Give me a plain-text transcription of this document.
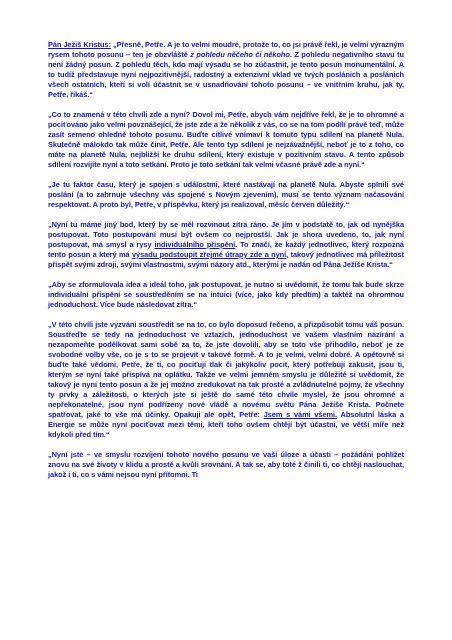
Pán Ježiš Kristus: „Přesně, Petře. A je to velmi moudré, protože to, co jsi právě řekl, je velmi výrazným rysem tohoto posunu – ten je obzvláště z pohledu něčeho či někoho. Z pohledu negativního stavu tu není žádný posun. Z pohledu těch, kdo mají výsadu se ho zúčastnit, je tento posun monumentální. A to tudíž představuje nyní nejpozitivnější, radostný a extenzivní vklad ve tvých poslánich a poslánich všech ostatních, kteří si volí účastnit se v usnadňování tohoto posunu – ve vnitřním kruhu, jak ty, Petře, říkáš.“

„Co to znamená v této chvíli zde a nyní? Dovol mi, Petře, abych vám nejdříve řekl, že je to ohromné a pociťováno jako velmi povznášející, že jste zde a že několik z vás, co se na tom podílí právě teď, může zasít semeno ohledně tohoto posunu. Buďte citlivé vnímaví k tomuto typu sdílení na planetě Nula. Skutečně málokdo tak může činit, Petře. Ale tento typ sdílení je nejzávažnější, neboť je to z toho, co máte na planetě Nula, nejbližší ke druhu sdílení, který existuje v pozitivním stavu. A tento způsob sdílení rozvíjíte nyní a toto setkání. Proto je toto setkání tak velmi včasné právě zde a nyní.“

„Je tu faktor času, který je spojen s událostmi, které nastávají na planetě Nula. Abyste splnili své poslání (a to zahrnuje všechny vás spojené s Novým zjevením), musí se tento význam načasování respektovat. A proto byl, Petře, v příspěvku, který jsi realizoval, měsíc červen důležitý.“

„Nyní tu máme jiný bod, který by se měl rozvinout zítra ráno. Je jím v podstatě to, jak od nynějška postupovat. Toto postupování musí být ovšem co nejprostší. Jak je shora uvedeno, to, jak nyní postupovat, má smysl a rysy individuálního přispění. To značí, že každý jednotlivec, který rozpozná tento posun a který má výsadu podstoupit zřejmé útrapy zde a nyní, takový jednotlivec má příležitost přispět svými zdroji, svými vlastnostmi, svými názory atd., kterými je nadán od Pána Ježíše Krista.“

„Aby se zformulovala idea a ideál toho, jak postupovat, je nutno si uvědomit, že tomu tak bude skrze individuální přispění se soustředěním se na intuici (více, jako kdy předtím) a taktéž na ohromnou jednoduchost. Více bude následovat zítra.“

„V této chvíli jste vyzváni soustředit se na to, co bylo doposud řečeno, a přizpůsobit tomu váš posun. Soustřeďte se tedy na jednoduchost ve vztazích, jednoduchost ve vašem vlastním nazírání a nezapomeňte podělkovat sami sobě za to, že jste dovolili, aby se toto vše přihodilo, neboť je ze svobodné volby vše, co je s to se projevit v takové formě. A to je velmi, velmi dobré. A opětovně si buďte také vědomi, Petře, že ti, co pociťují tlak či jakýkoliv pocit, který potřebují zakusit, jsou ti, kterým se nyní také přispívá na oplátku. Takže ve velmi jemném smyslu je důležité si uvědomit, že takový je nyní tento posun a že jej možno zredukovat na tak prosté a zvládnutelné pojmy, že všechny ty prvky a záležitosti, o kterých jste si ještě do samé této chvíle myslel, že jsou ohromné a nepřekonatelné, jsou nyní podřízeny nové vládě a novému světu Pána Ježíše Krista. Počnete spatřovat, jaké to vše má účinky. Opakuji ale opět, Petře: Jsem s vámi všemi. Absolutní láska a Energie se může nyní pociťovat mezi těmi, kteří toho ovšem chtějí být účastni, ve větší míře než kdykoli před tím.“

„Nyní jste – ve smyslu rozvíjení tohoto nového posunu ve vaší úloze a účasti – požádáni pohlížet znovu na své životy v klidu a prostě a kvůli srovnání. A tak se, aby toté ž činili ti, co chtějí naslouchat, jakož i ti, co s vámi nejsou nyní přítomni. Ti
